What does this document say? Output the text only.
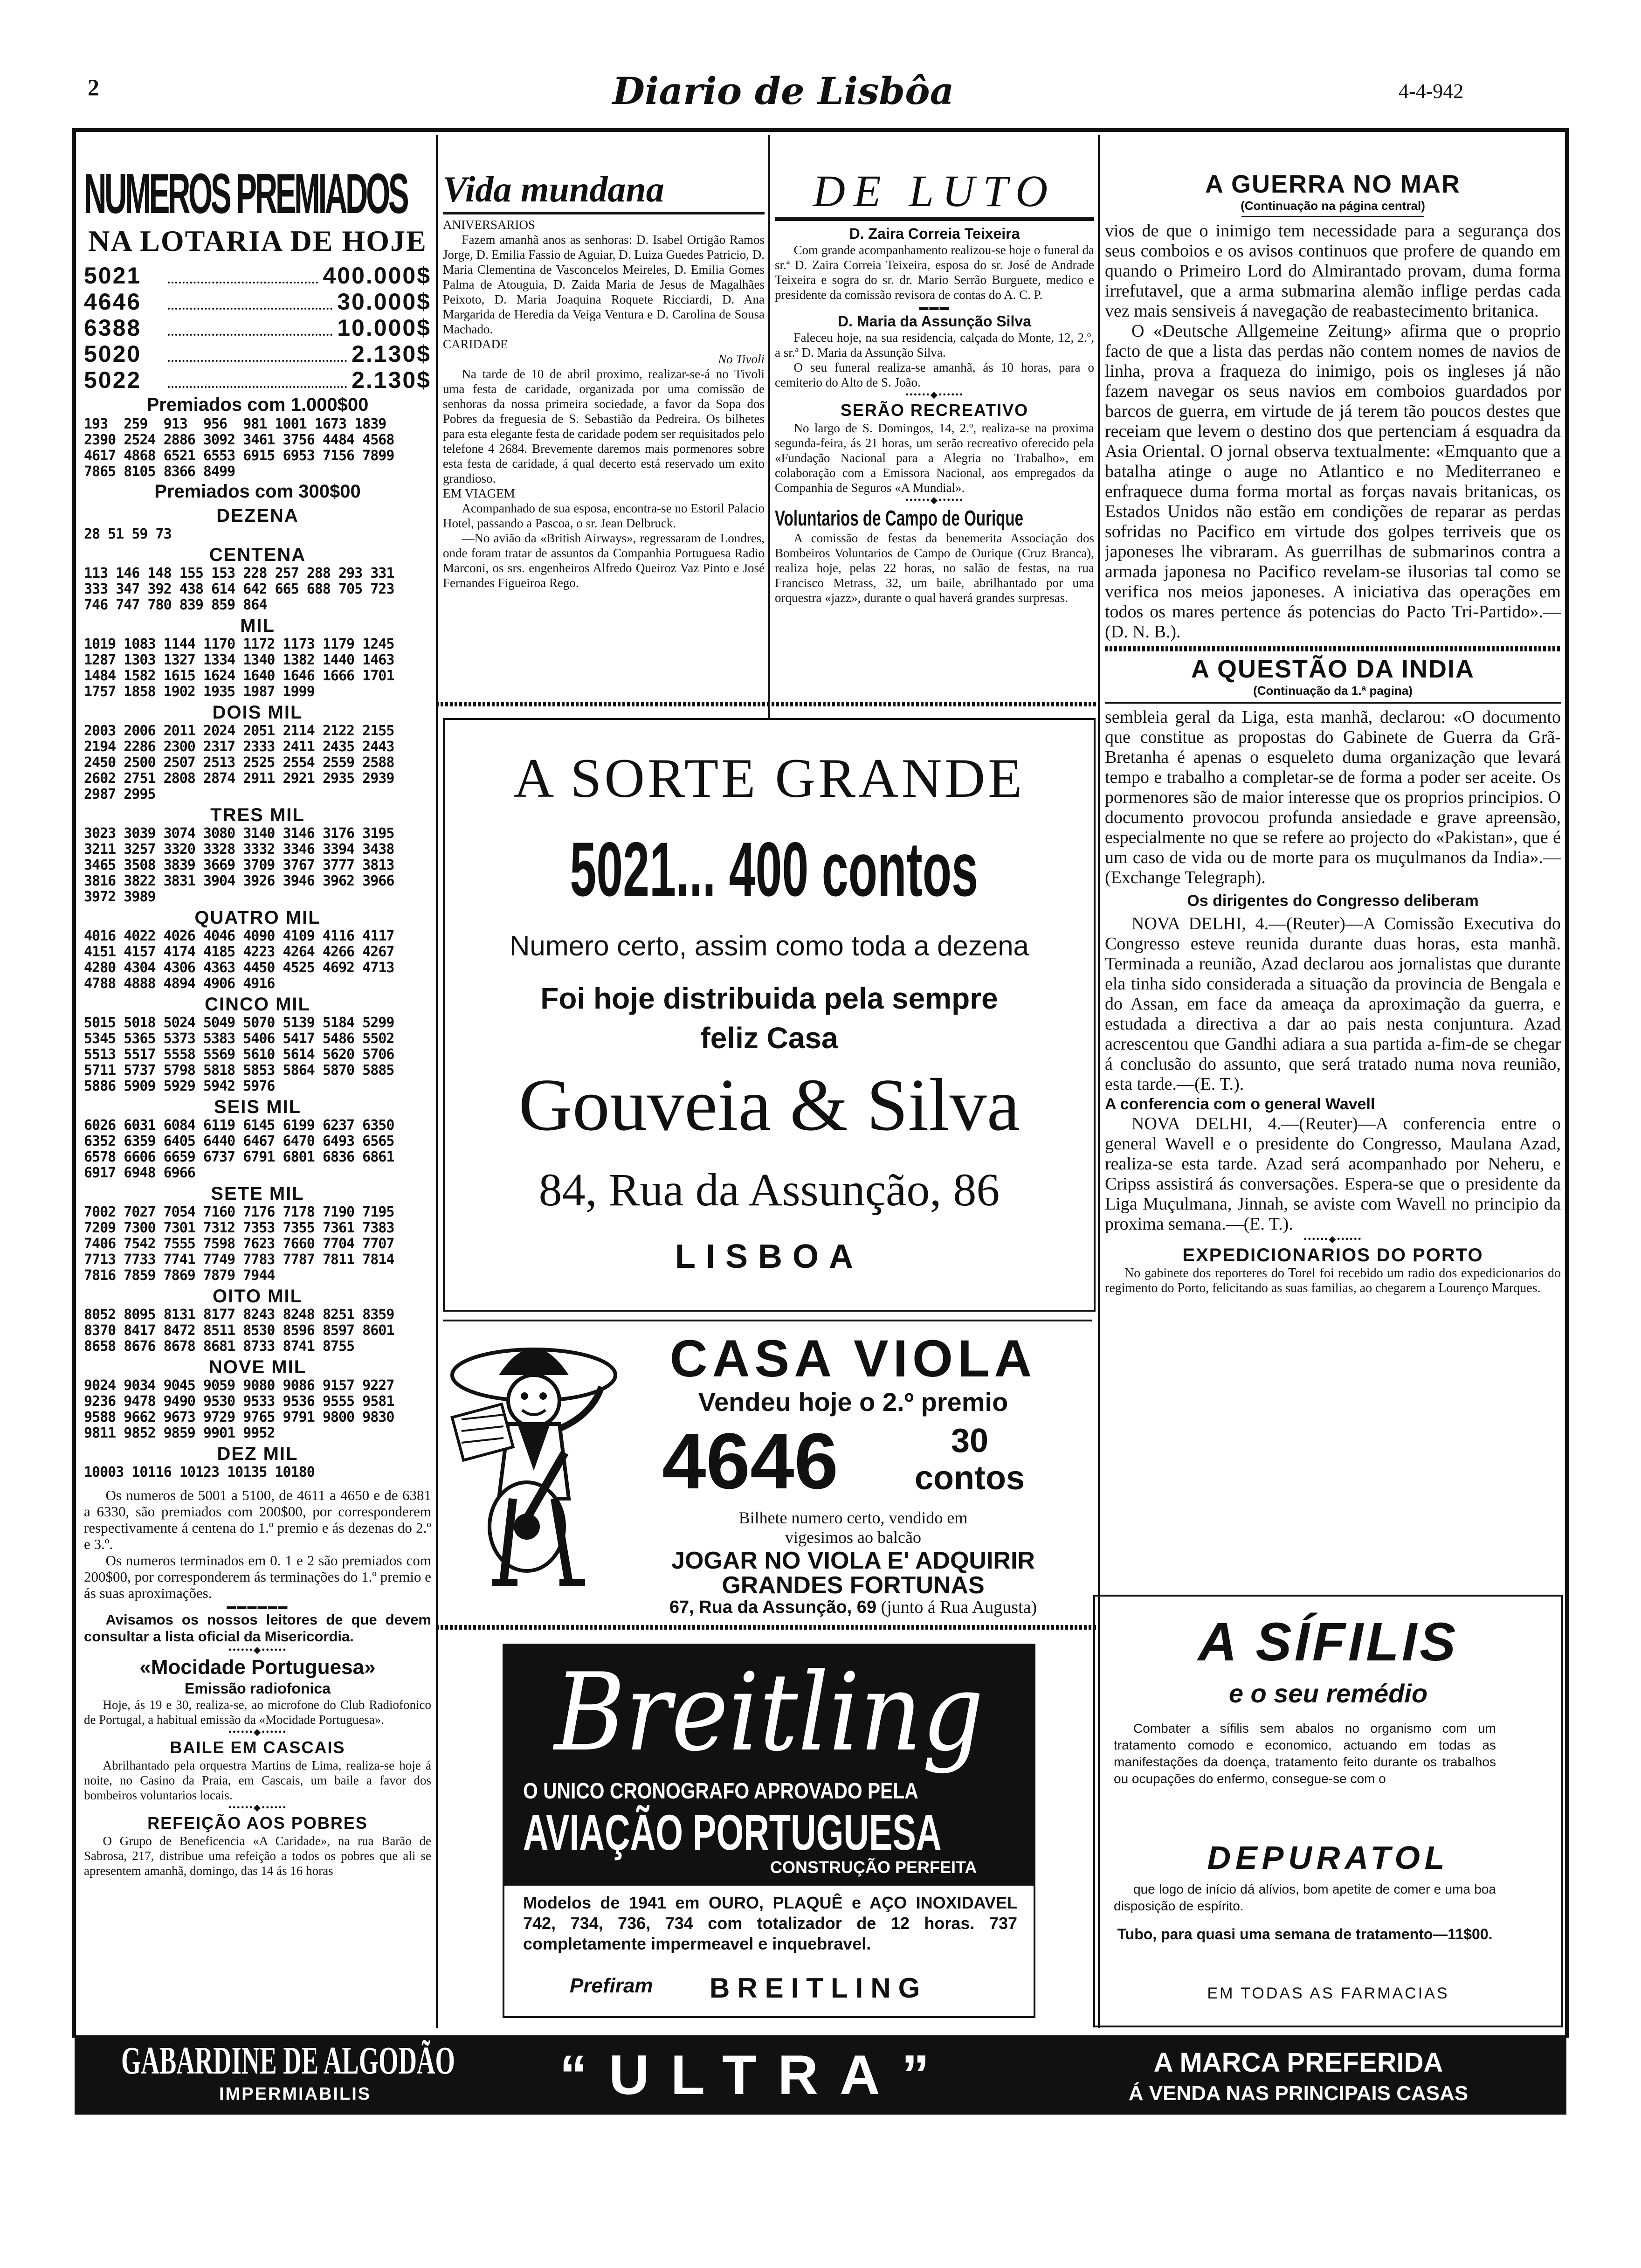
2	Diario de Lisbôa	4-4-942
NUMEROS PREMIADOS
NA LOTARIA DE HOJE
5021	400.000$
4646	30.000$
6388	10.000$
5020	2.130$
5022	2.130$
Premiados com 1.000$00
193  259  913  956  981 1001 1673 1839
2390 2524 2886 3092 3461 3756 4484 4568
4617 4868 6521 6553 6915 6953 7156 7899
7865 8105 8366 8499
Premiados com 300$00
DEZENA
28 51 59 73
CENTENA
113 146 148 155 153 228 257 288 293 331
333 347 392 438 614 642 665 688 705 723
746 747 780 839 859 864
MIL
1019 1083 1144 1170 1172 1173 1179 1245
1287 1303 1327 1334 1340 1382 1440 1463
1484 1582 1615 1624 1640 1646 1666 1701
1757 1858 1902 1935 1987 1999
DOIS MIL
2003 2006 2011 2024 2051 2114 2122 2155
2194 2286 2300 2317 2333 2411 2435 2443
2450 2500 2507 2513 2525 2554 2559 2588
2602 2751 2808 2874 2911 2921 2935 2939
2987 2995
TRES MIL
3023 3039 3074 3080 3140 3146 3176 3195
3211 3257 3320 3328 3332 3346 3394 3438
3465 3508 3839 3669 3709 3767 3777 3813
3816 3822 3831 3904 3926 3946 3962 3966
3972 3989
QUATRO MIL
4016 4022 4026 4046 4090 4109 4116 4117
4151 4157 4174 4185 4223 4264 4266 4267
4280 4304 4306 4363 4450 4525 4692 4713
4788 4888 4894 4906 4916
CINCO MIL
5015 5018 5024 5049 5070 5139 5184 5299
5345 5365 5373 5383 5406 5417 5486 5502
5513 5517 5558 5569 5610 5614 5620 5706
5711 5737 5798 5818 5853 5864 5870 5885
5886 5909 5929 5942 5976
SEIS MIL
6026 6031 6084 6119 6145 6199 6237 6350
6352 6359 6405 6440 6467 6470 6493 6565
6578 6606 6659 6737 6791 6801 6836 6861
6917 6948 6966
SETE MIL
7002 7027 7054 7160 7176 7178 7190 7195
7209 7300 7301 7312 7353 7355 7361 7383
7406 7542 7555 7598 7623 7660 7704 7707
7713 7733 7741 7749 7783 7787 7811 7814
7816 7859 7869 7879 7944
OITO MIL
8052 8095 8131 8177 8243 8248 8251 8359
8370 8417 8472 8511 8530 8596 8597 8601
8658 8676 8678 8681 8733 8741 8755
NOVE MIL
9024 9034 9045 9059 9080 9086 9157 9227
9236 9478 9490 9530 9533 9536 9555 9581
9588 9662 9673 9729 9765 9791 9800 9830
9811 9852 9859 9901 9952
DEZ MIL
10003 10116 10123 10135 10180

Os numeros de 5001 a 5100, de 4611 a 4650 e de 6381 a 6330, são premiados com 200$00, por corresponderem respectivamente á centena do 1.º premio e ás dezenas do 2.º e 3.º.

Os numeros terminados em 0. 1 e 2 são premiados com 200$00, por corresponderem ás terminações do 1.º premio e ás suas aproximações.

▬▬▬▬▬▬
Avisamos os nossos leitores de que devem consultar a lista oficial da Misericordia.
••••••◆••••••
«Mocidade Portuguesa»
Emissão radiofonica
Hoje, ás 19 e 30, realiza-se, ao microfone do Club Radiofonico de Portugal, a habitual emissão da «Mocidade Portuguesa».
••••••◆••••••
BAILE EM CASCAIS
Abrilhantado pela orquestra Martins de Lima, realiza-se hoje á noite, no Casino da Praia, em Cascais, um baile a favor dos bombeiros voluntarios locais.
••••••◆••••••
REFEIÇÃO AOS POBRES
O Grupo de Beneficencia «A Caridade», na rua Barão de Sabrosa, 217, distribue uma refeição a todos os pobres que ali se apresentem amanhã, domingo, das 14 ás 16 horas
Vida mundana
ANIVERSARIOS
Fazem amanhã anos as senhoras: D. Isabel Ortigão Ramos Jorge, D. Emilia Fassio de Aguiar, D. Luiza Guedes Patricio, D. Maria Clementina de Vasconcelos Meireles, D. Emilia Gomes Palma de Atouguia, D. Zaida Maria de Jesus de Magalhães Peixoto, D. Maria Joaquina Roquete Ricciardi, D. Ana Margarida de Heredia da Veiga Ventura e D. Carolina de Sousa Machado.
CARIDADE
No Tivoli
Na tarde de 10 de abril proximo, realizar-se-á no Tivoli uma festa de caridade, organizada por uma comissão de senhoras da nossa primeira sociedade, a favor da Sopa dos Pobres da freguesia de S. Sebastião da Pedreira. Os bilhetes para esta elegante festa de caridade podem ser requisitados pelo telefone 4 2684. Brevemente daremos mais pormenores sobre esta festa de caridade, á qual decerto está reservado um exito grandioso.
EM VIAGEM
Acompanhado de sua esposa, encontra-se no Estoril Palacio Hotel, passando a Pascoa, o sr. Jean Delbruck.
—No avião da «British Airways», regressaram de Londres, onde foram tratar de assuntos da Companhia Portuguesa Radio Marconi, os srs. engenheiros Alfredo Queiroz Vaz Pinto e José Fernandes Figueiroa Rego.
DE LUTO
D. Zaira Correia Teixeira
Com grande acompanhamento realizou-se hoje o funeral da sr.ª D. Zaira Correia Teixeira, esposa do sr. José de Andrade Teixeira e sogra do sr. dr. Mario Serrão Burguete, medico e presidente da comissão revisora de contas do A. C. P.
▬▬▬
D. Maria da Assunção Silva
Faleceu hoje, na sua residencia, calçada do Monte, 12, 2.º, a sr.ª D. Maria da Assunção Silva.
O seu funeral realiza-se amanhã, ás 10 horas, para o cemiterio do Alto de S. João.
••••••◆••••••
SERÃO RECREATIVO
No largo de S. Domingos, 14, 2.º, realiza-se na proxima segunda-feira, ás 21 horas, um serão recreativo oferecido pela «Fundação Nacional para a Alegria no Trabalho», em colaboração com a Emissora Nacional, aos empregados da Companhia de Seguros «A Mundial».
••••••◆••••••
Voluntarios de Campo de Ourique
A comissão de festas da benemerita Associação dos Bombeiros Voluntarios de Campo de Ourique (Cruz Branca), realiza hoje, pelas 22 horas, no salão de festas, na rua Francisco Metrass, 32, um baile, abrilhantado por uma orquestra «jazz», durante o qual haverá grandes surpresas.
A GUERRA NO MAR
(Continuação na página central)

vios de que o inimigo tem necessidade para a segurança dos seus comboios e os avisos continuos que profere de quando em quando o Primeiro Lord do Almirantado provam, duma forma irrefutavel, que a arma submarina alemão inflige perdas cada vez mais sensiveis á navegação de reabastecimento britanica.

O «Deutsche Allgemeine Zeitung» afirma que o proprio facto de que a lista das perdas não contem nomes de navios de linha, prova a fraqueza do inimigo, pois os ingleses já não fazem navegar os seus navios em comboios guardados por barcos de guerra, em virtude de já terem tão poucos destes que receiam que levem o destino dos que pertenciam á esquadra da Asia Oriental. O jornal observa textualmente: «Emquanto que a batalha atinge o auge no Atlantico e no Mediterraneo e enfraquece duma forma mortal as forças navais britanicas, os Estados Unidos não estão em condições de reparar as perdas sofridas no Pacifico em virtude dos golpes terriveis que os japoneses lhe vibraram. As guerrilhas de submarinos contra a armada japonesa no Pacifico revelam-se ilusorias tal como se verifica nos meios japoneses. A iniciativa das operações em todos os mares pertence ás potencias do Pacto Tri-Partido».—(D. N. B.).

A QUESTÃO DA INDIA
(Continuação da 1.ª pagina)

sembleia geral da Liga, esta manhã, declarou: «O documento que constitue as propostas do Gabinete de Guerra da Grã-Bretanha é apenas o esqueleto duma organização que levará tempo e trabalho a completar-se de forma a poder ser aceite. Os pormenores são de maior interesse que os proprios principios. O documento provocou profunda ansiedade e grave apreensão, especialmente no que se refere ao projecto do «Pakistan», que é um caso de vida ou de morte para os muçulmanos da India».—(Exchange Telegraph).

Os dirigentes do Congresso deliberam

NOVA DELHI, 4.—(Reuter)—A Comissão Executiva do Congresso esteve reunida durante duas horas, esta manhã. Terminada a reunião, Azad declarou aos jornalistas que durante ela tinha sido considerada a situação da provincia de Bengala e do Assan, em face da ameaça da aproximação da guerra, e estudada a directiva a dar ao pais nesta conjuntura. Azad acrescentou que Gandhi adiara a sua partida a-fim-de se chegar á conclusão do assunto, que será tratado numa nova reunião, esta tarde.—(E. T.).

A conferencia com o general Wavell

NOVA DELHI, 4.—(Reuter)—A conferencia entre o general Wavell e o presidente do Congresso, Maulana Azad, realiza-se esta tarde. Azad será acompanhado por Neheru, e Cripss assistirá ás conversações. Espera-se que o presidente da Liga Muçulmana, Jinnah, se aviste com Wavell no principio da proxima semana.—(E. T.).

••••••◆••••••
EXPEDICIONARIOS DO PORTO
No gabinete dos reporteres do Torel foi recebido um radio dos expedicionarios do regimento do Porto, felicitando as suas familias, ao chegarem a Lourenço Marques.
A SORTE GRANDE
5021... 400 contos
Numero certo, assim como toda a dezena
Foi hoje distribuida pela sempre
feliz Casa
Gouveia & Silva
84, Rua da Assunção, 86
LISBOA
CASA VIOLA
Vendeu hoje o 2.º premio
4646	30
contos
Bilhete numero certo, vendido em vigesimos ao balcão
JOGAR NO VIOLA E' ADQUIRIR
GRANDES FORTUNAS
67, Rua da Assunção, 69 (junto á Rua Augusta)
Breitling
O UNICO CRONOGRAFO APROVADO PELA
AVIAÇÃO PORTUGUESA
CONSTRUÇÃO PERFEITA
Modelos de 1941 em OURO, PLAQUÊ e AÇO INOXIDAVEL 742, 734, 736, 734 com totalizador de 12 horas. 737 completamente impermeavel e inquebravel.
Prefiram BREITLING
A SÍFILIS
e o seu remédio
Combater a sífilis sem abalos no organismo com um tratamento comodo e economico, actuando em todas as manifestações da doença, tratamento feito durante os trabalhos ou ocupações do enfermo, consegue-se com o
DEPURATOL
que logo de início dá alívios, bom apetite de comer e uma boa disposição de espírito.
Tubo, para quasi uma semana de tratamento—11$00.
EM TODAS AS FARMACIAS
GABARDINE DE ALGODÃO
IMPERMIABILIS	“ULTRA”	A MARCA PREFERIDA
Á VENDA NAS PRINCIPAIS CASAS
